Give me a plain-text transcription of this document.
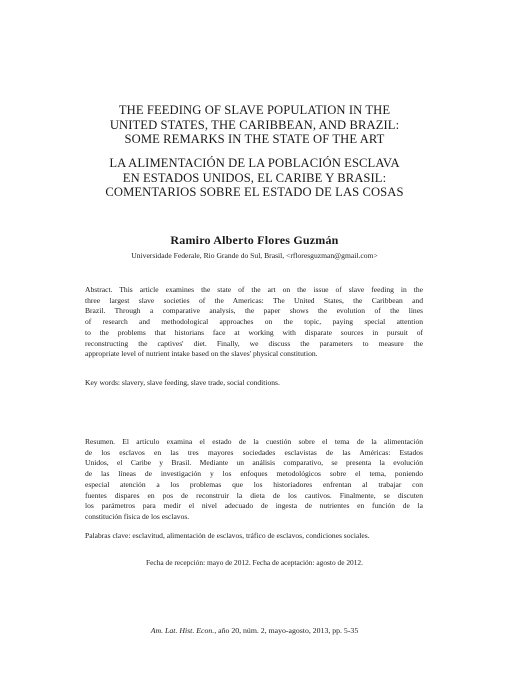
THE FEEDING OF SLAVE POPULATION IN THE
UNITED STATES, THE CARIBBEAN, AND BRAZIL:
SOME REMARKS IN THE STATE OF THE ART
LA ALIMENTACIÓN DE LA POBLACIÓN ESCLAVA
EN ESTADOS UNIDOS, EL CARIBE Y BRASIL:
COMENTARIOS SOBRE EL ESTADO DE LAS COSAS
Ramiro Alberto Flores Guzmán
Universidade Federale, Rio Grande do Sul, Brasil, <rfloresguzman@gmail.com>
Abstract. This article examines the state of the art on the issue of slave feeding in the
three largest slave societies of the Americas: The United States, the Caribbean and
Brazil. Through a comparative analysis, the paper shows the evolution of the lines
of research and methodological approaches on the topic, paying special attention
to the problems that historians face at working with disparate sources in pursuit of
reconstructing the captives' diet. Finally, we discuss the parameters to measure the
appropriate level of nutrient intake based on the slaves' physical constitution.
Key words: slavery, slave feeding, slave trade, social conditions.
Resumen. El artículo examina el estado de la cuestión sobre el tema de la alimentación
de los esclavos en las tres mayores sociedades esclavistas de las Américas: Estados
Unidos, el Caribe y Brasil. Mediante un análisis comparativo, se presenta la evolución
de las líneas de investigación y los enfoques metodológicos sobre el tema, poniendo
especial atención a los problemas que los historiadores enfrentan al trabajar con
fuentes dispares en pos de reconstruir la dieta de los cautivos. Finalmente, se discuten
los parámetros para medir el nivel adecuado de ingesta de nutrientes en función de la
constitución física de los esclavos.
Palabras clave: esclavitud, alimentación de esclavos, tráfico de esclavos, condiciones sociales.
Fecha de recepción: mayo de 2012. Fecha de aceptación: agosto de 2012.
Am. Lat. Hist. Econ., año 20, núm. 2, mayo-agosto, 2013, pp. 5-35
